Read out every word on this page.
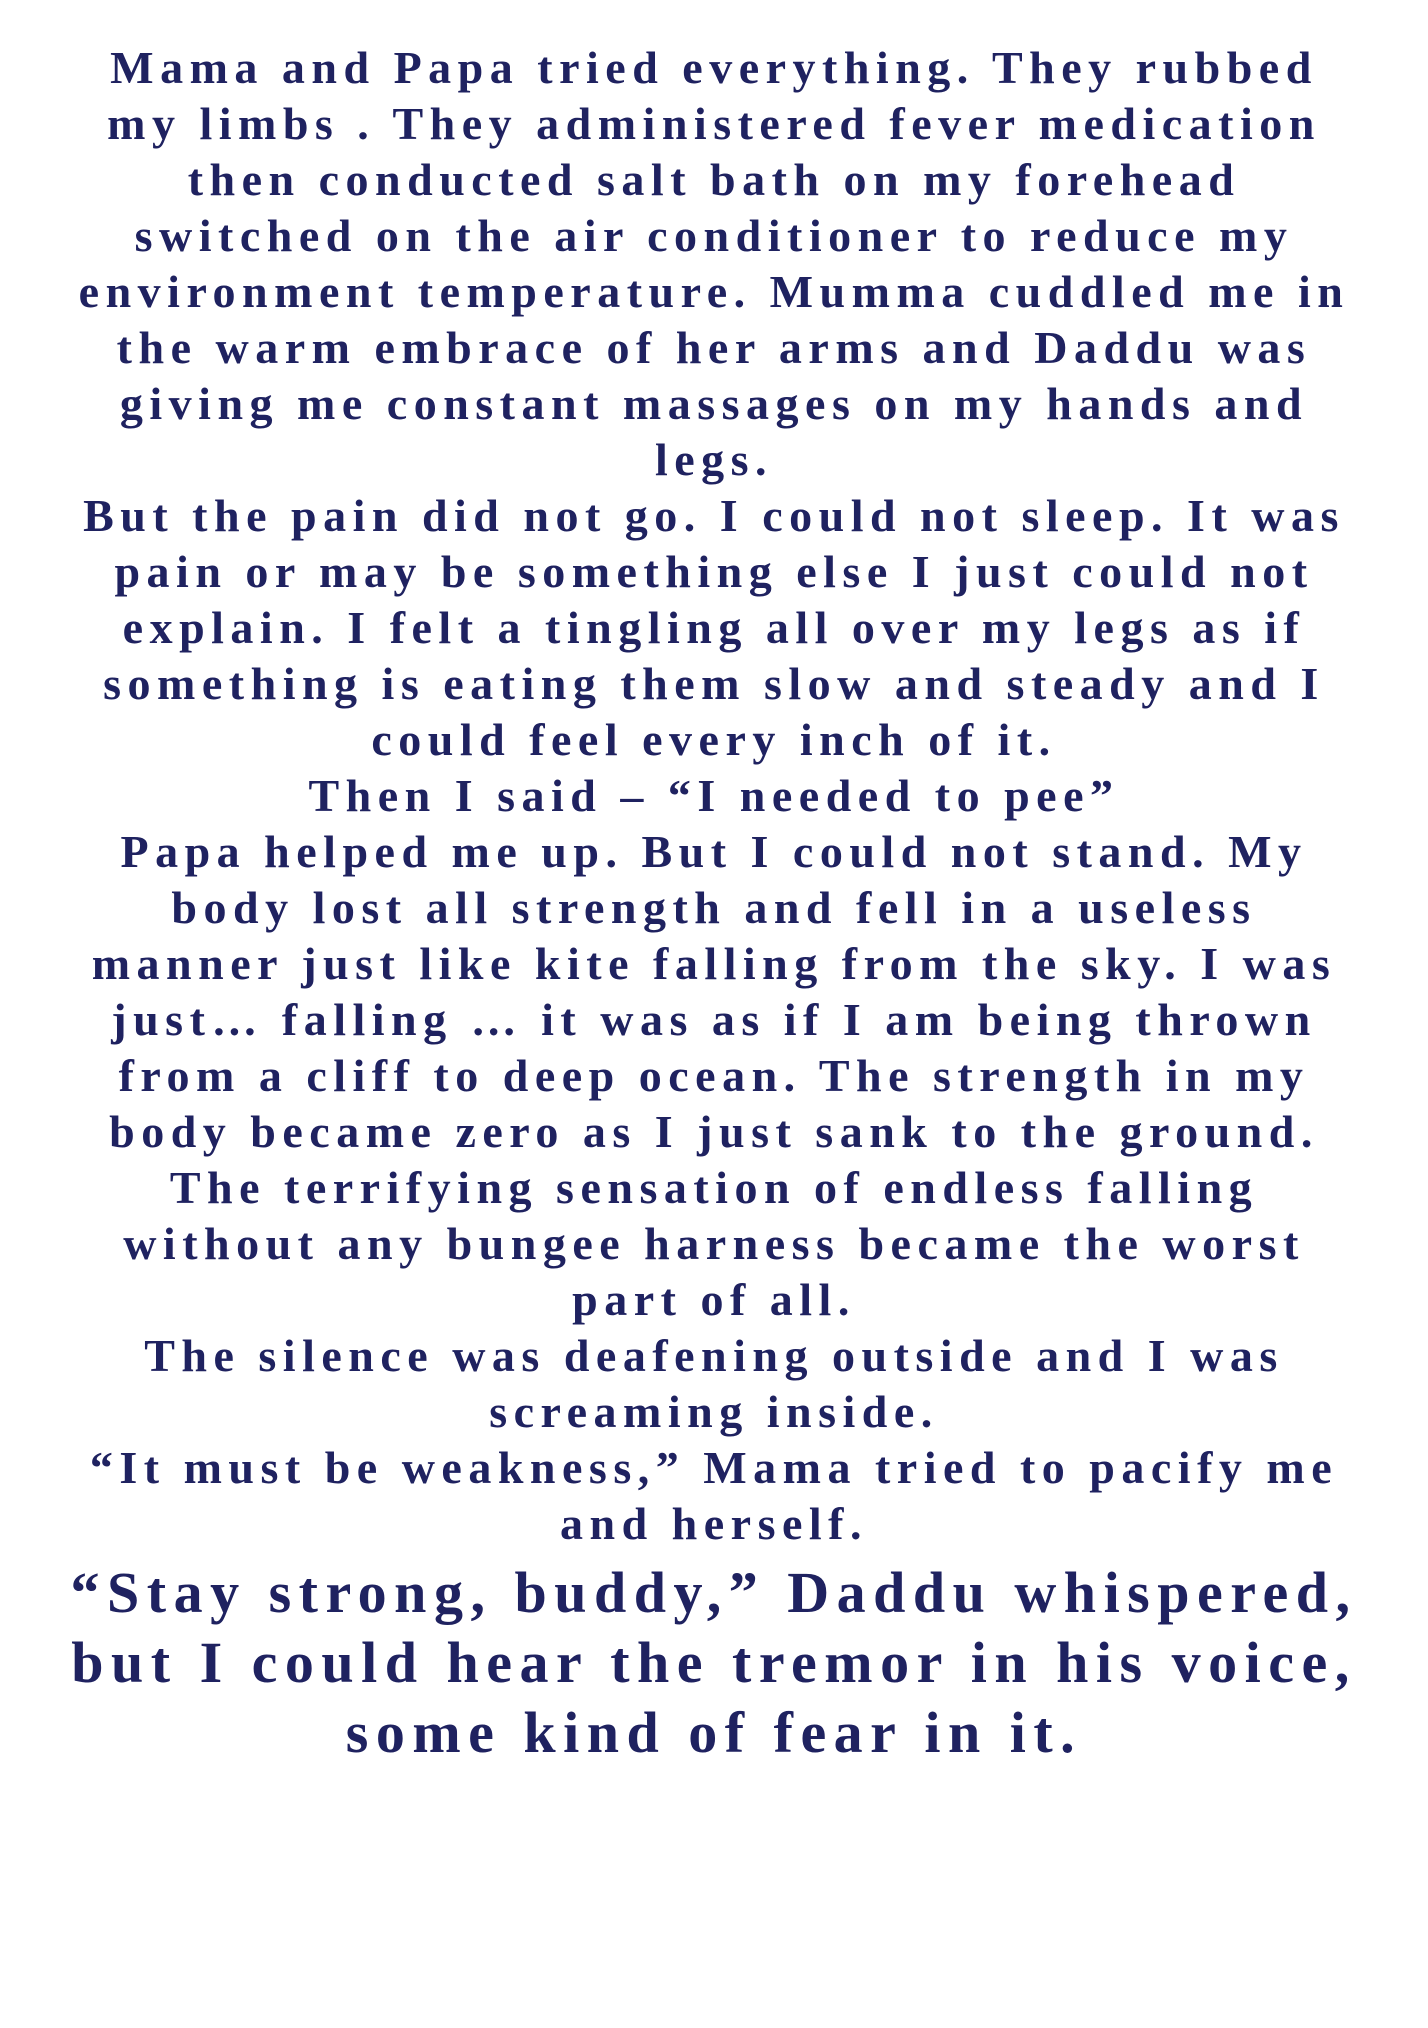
Mama and Papa tried everything. They rubbed my limbs . They administered fever medication then conducted salt bath on my forehead switched on the air conditioner to reduce my environment temperature. Mumma cuddled me in the warm embrace of her arms and Daddu was giving me constant massages on my hands and legs.

But the pain did not go. I could not sleep. It was pain or may be something else I just could not explain. I felt a tingling all over my legs as if something is eating them slow and steady and I could feel every inch of it.

Then I said – “I needed to pee”

Papa helped me up. But I could not stand. My body lost all strength and fell in a useless manner just like kite falling from the sky. I was just… falling … it was as if I am being thrown from a cliff to deep ocean. The strength in my body became zero as I just sank to the ground. The terrifying sensation of endless falling without any bungee harness became the worst part of all.

The silence was deafening outside and I was screaming inside.

“It must be weakness,” Mama tried to pacify me and herself.

“Stay strong, buddy,” Daddu whispered, but I could hear the tremor in his voice, some kind of fear in it.
